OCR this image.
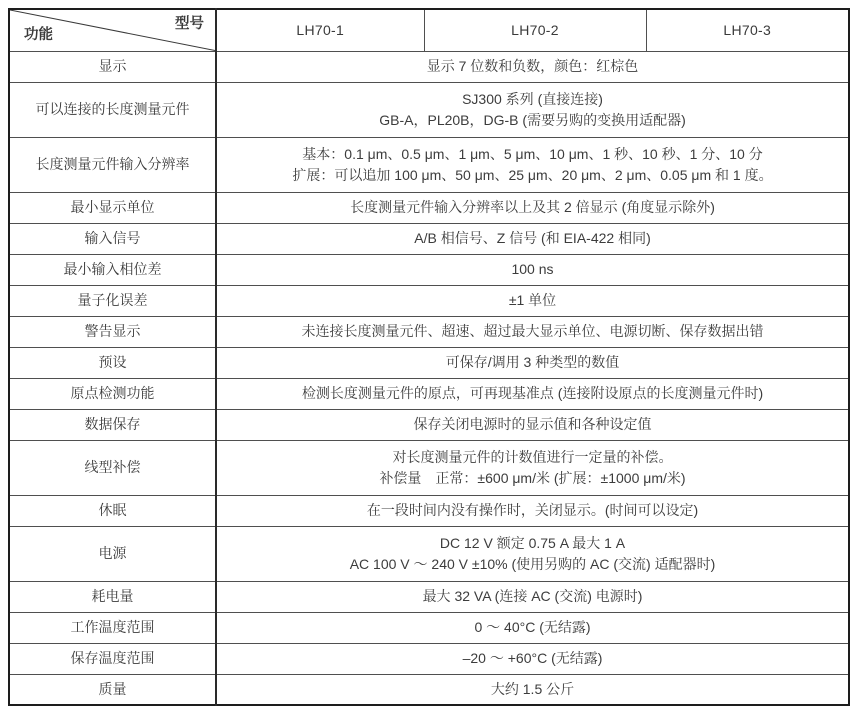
型号
功能	LH70-1	LH70-2	LH70-3
显示	显示 7 位数和负数，颜色：红棕色		

可以连接的长度测量元件	SJ300 系列 (直接连接)
GB-A，PL20B，DG-B (需要另购的变换用适配器)		

长度测量元件输入分辨率	基本：0.1 μm、0.5 μm、1 μm、5 μm、10 μm、1 秒、10 秒、1 分、10 分
扩展：可以追加 100 μm、50 μm、25 μm、20 μm、2 μm、0.05 μm 和 1 度。		

最小显示单位	长度测量元件输入分辨率以上及其 2 倍显示 (角度显示除外)		

输入信号	A/B 相信号、Z 信号 (和 EIA-422 相同)		

最小输入相位差	100 ns		

量子化误差	±1 单位		

警告显示	未连接长度测量元件、超速、超过最大显示单位、电源切断、保存数据出错		

预设	可保存/调用 3 种类型的数值		

原点检测功能	检测长度测量元件的原点，可再现基准点 (连接附设原点的长度测量元件时)		

数据保存	保存关闭电源时的显示值和各种设定值		

线型补偿	对长度测量元件的计数值进行一定量的补偿。
补偿量　正常：±600 μm/米 (扩展：±1000 μm/米)		

休眠	在一段时间内没有操作时，关闭显示。(时间可以设定)		

电源	DC 12 V 额定 0.75 A 最大 1 A
AC 100 V ～ 240 V ±10% (使用另购的 AC (交流) 适配器时)		

耗电量	最大 32 VA (连接 AC (交流) 电源时)		

工作温度范围	0 ～ 40°C (无结露)		

保存温度范围	–20 ～ +60°C (无结露)		

质量	大约 1.5 公斤		
